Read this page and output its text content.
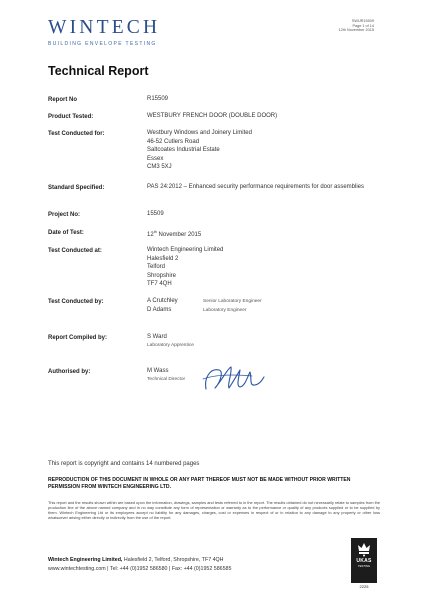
WINTECH
BUILDING ENVELOPE TESTING
SWUR15509
Page 1 of 14
12th November 2015
Technical Report
Report No	R15509
Product Tested:	WESTBURY FRENCH DOOR (DOUBLE DOOR)
Test Conducted for:	Westbury Windows and Joinery Limited
46-52 Cutlers Road
Saltcoates Industrial Estate
Essex
CM3 5XJ
Standard Specified:	PAS 24:2012 – Enhanced security performance requirements for door assemblies
Project No:	15509
Date of Test:	12th November 2015
Test Conducted at:	Wintech Engineering Limited
Halesfield 2
Telford
Shropshire
TF7 4QH
Test Conducted by:	A Crutchley	Senior Laboratory Engineer
D Adams	Laboratory Engineer
Report Compiled by:	S Ward
Laboratory Apprentice
Authorised by:	M Wass
Technical Director
This report is copyright and contains 14 numbered pages
REPRODUCTION OF THIS DOCUMENT IN WHOLE OR ANY PART THEREOF MUST NOT BE MADE WITHOUT PRIOR WRITTEN PERMISSION FROM WINTECH ENGINEERING LTD.
This report and the results shown within are based upon the information, drawings, samples and tests referred to in the report. The results obtained do not necessarily relate to samples from the production line of the above named company and in no way constitute any form of representation or warranty as to the performance or quality of any products supplied or to be supplied by them. Wintech Engineering Ltd or its employees accept no liability for any damages, charges, cost or expenses in respect of or in relation to any damage to any property or other loss whatsoever arising either directly or indirectly from the use of the report.
Wintech Engineering Limited, Halesfield 2, Telford, Shropshire, TF7 4QH
www.wintechtesting.com | Tel: +44 (0)1952 586580 | Fax: +44 (0)1952 586585
UKAS
TESTING
2225
